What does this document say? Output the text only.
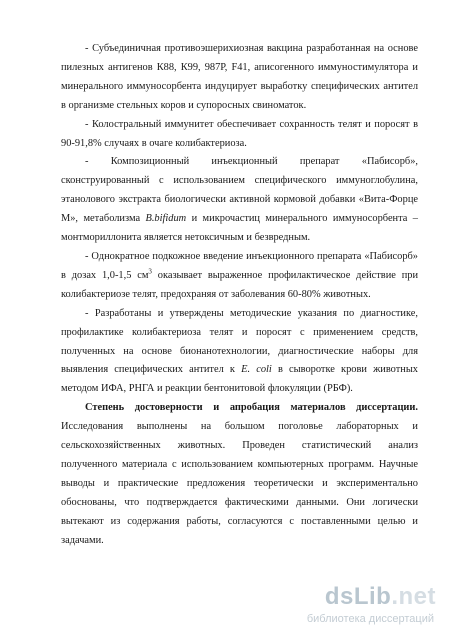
- Субъединичная противоэшерихиозная вакцина разработанная на основе пилезных антигенов К88, К99, 987Р, F41, аписогенного иммуностимулятора и минерального иммуносорбента индуцирует выработку специфических антител в организме стельных коров и супоросных свиноматок.

- Колостральный иммунитет обеспечивает сохранность телят и поросят в 90-91,8% случаях в очаге колибактериоза.

- Композиционный инъекционный препарат «Пабисорб», сконструированный с использованием специфического иммуноглобулина, этанолового экстракта биологически активной кормовой добавки «Вита-Форце М», метаболизма B.bifidum и микрочастиц минерального иммуносорбента – монтмориллонита является нетоксичным и безвредным.

- Однократное подкожное введение инъекционного препарата «Пабисорб» в дозах 1,0-1,5 $см^3$ оказывает выраженное профилактическое действие при колибактериозе телят, предохраняя от заболевания 60-80% животных.

- Разработаны и утверждены методические указания по диагностике, профилактике колибактериоза телят и поросят с применением средств, полученных на основе бионанотехнологии, диагностические наборы для выявления специфических антител к E. coli в сыворотке крови животных методом ИФА, РНГА и реакции бентонитовой флокуляции (РБФ).

Степень достоверности и апробация материалов диссертации. Исследования выполнены на большом поголовье лабораторных и сельскохозяйственных животных. Проведен статистический анализ полученного материала с использованием компьютерных программ. Научные выводы и практические предложения теоретически и экспериментально обоснованы, что подтверждается фактическими данными. Они логически вытекают из содержания работы, согласуются с поставленными целью и задачами.

dsLib.net
библиотека диссертаций
